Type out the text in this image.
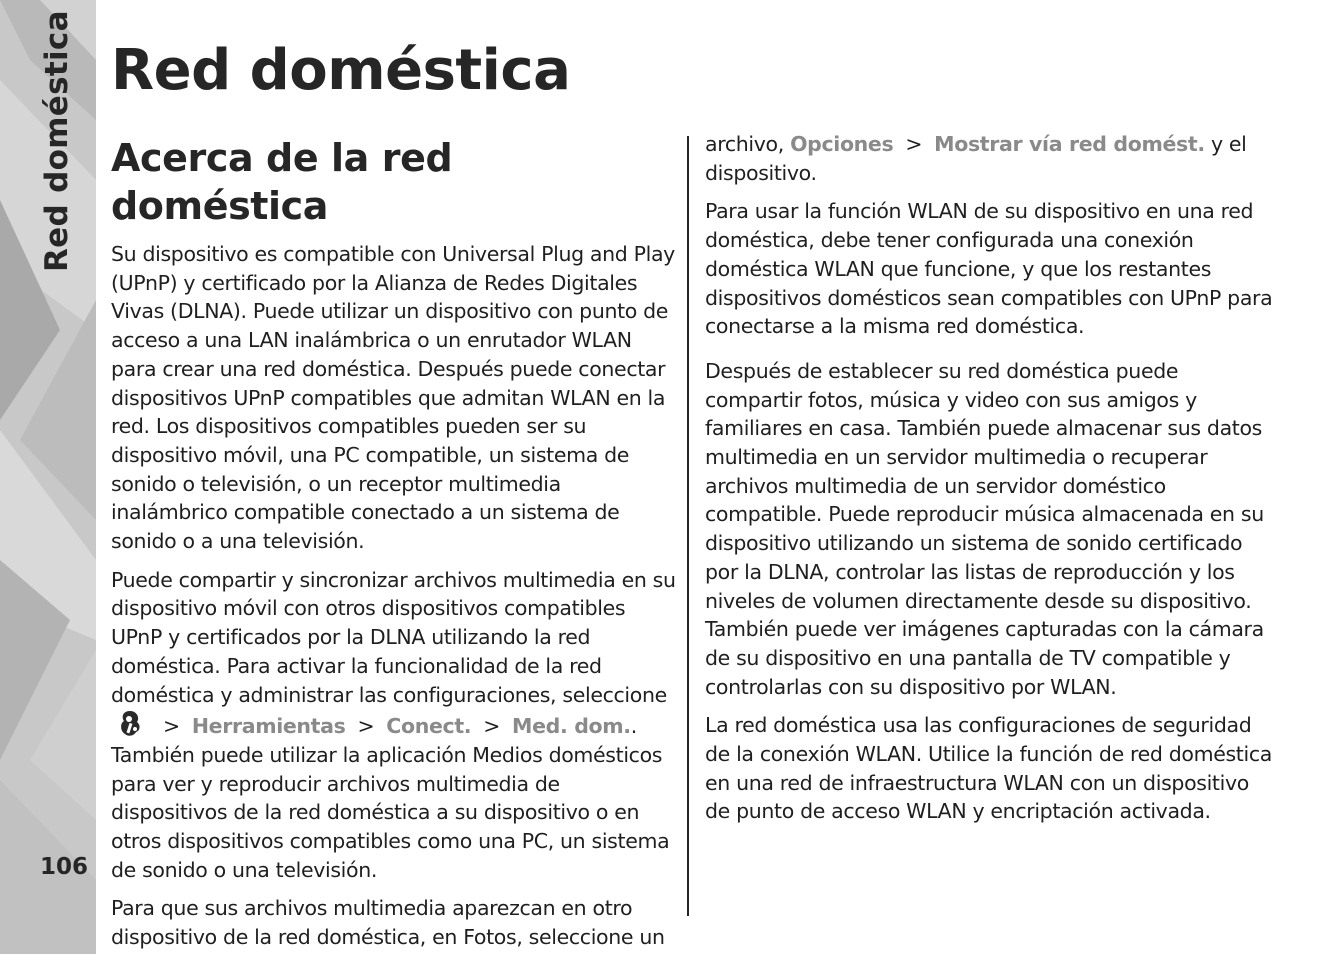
Red doméstica
106
Red doméstica
Acerca de la red doméstica

Su dispositivo es compatible con Universal Plug and Play (UPnP) y certificado por la Alianza de Redes Digitales Vivas (DLNA). Puede utilizar un dispositivo con punto de acceso a una LAN inalámbrica o un enrutador WLAN para crear una red doméstica. Después puede conectar dispositivos UPnP compatibles que admitan WLAN en la red. Los dispositivos compatibles pueden ser su dispositivo móvil, una PC compatible, un sistema de sonido o televisión, o un receptor multimedia inalámbrico compatible conectado a un sistema de sonido o a una televisión.

Puede compartir y sincronizar archivos multimedia en su dispositivo móvil con otros dispositivos compatibles UPnP y certificados por la DLNA utilizando la red doméstica. Para activar la funcionalidad de la red doméstica y administrar las configuraciones, seleccione> Herramientas > Conect. > Med. dom.. También puede utilizar la aplicación Medios domésticos para ver y reproducir archivos multimedia de dispositivos de la red doméstica a su dispositivo o en otros dispositivos compatibles como una PC, un sistema de sonido o una televisión.

Para que sus archivos multimedia aparezcan en otro dispositivo de la red doméstica, en Fotos, seleccione un

archivo, Opciones > Mostrar vía red domést. y el dispositivo.

Para usar la función WLAN de su dispositivo en una red doméstica, debe tener configurada una conexión doméstica WLAN que funcione, y que los restantes dispositivos domésticos sean compatibles con UPnP para conectarse a la misma red doméstica.

Después de establecer su red doméstica puede compartir fotos, música y video con sus amigos y familiares en casa. También puede almacenar sus datos multimedia en un servidor multimedia o recuperar archivos multimedia de un servidor doméstico compatible. Puede reproducir música almacenada en su dispositivo utilizando un sistema de sonido certificado por la DLNA, controlar las listas de reproducción y los niveles de volumen directamente desde su dispositivo. También puede ver imágenes capturadas con la cámara de su dispositivo en una pantalla de TV compatible y controlarlas con su dispositivo por WLAN.

La red doméstica usa las configuraciones de seguridad de la conexión WLAN. Utilice la función de red doméstica en una red de infraestructura WLAN con un dispositivo de punto de acceso WLAN y encriptación activada.
